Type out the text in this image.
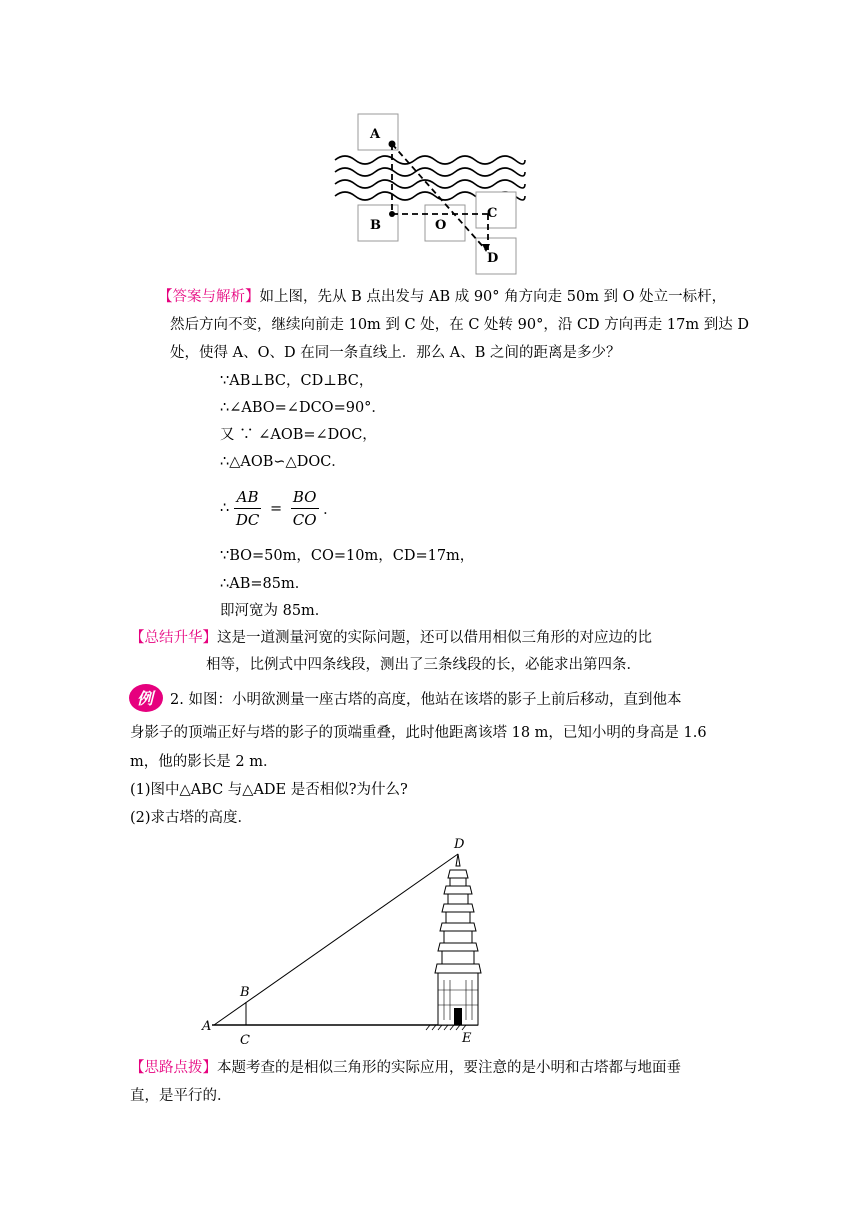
A
B	O
C
D
【答案与解析】如上图，先从 B 点出发与 AB 成 90° 角方向走 50m 到 O 处立一标杆，
然后方向不变，继续向前走 10m 到 C 处，在 C 处转 90°，沿 CD 方向再走 17m 到达 D
处，使得 A、O、D 在同一条直线上．那么 A、B 之间的距离是多少？
∵AB⊥BC，CD⊥BC，
∴∠ABO=∠DCO=90°．
又 ∵ ∠AOB=∠DOC，
∴△AOB∽△DOC．
∴ $\frac{AB}{DC} = \frac{BO}{CO}$ ．
∵BO=50m，CO=10m，CD=17m，
∴AB=85m．
即河宽为 85m．
【总结升华】这是一道测量河宽的实际问题，还可以借用相似三角形的对应边的比
相等，比例式中四条线段，测出了三条线段的长，必能求出第四条．
例 2. 如图：小明欲测量一座古塔的高度，他站在该塔的影子上前后移动，直到他本
身影子的顶端正好与塔的影子的顶端重叠，此时他距离该塔 18 m，已知小明的身高是 1.6
m，他的影长是 2 m．
(1)图中△ABC 与△ADE 是否相似?为什么?
(2)求古塔的高度．
D
B
A
C	E
【思路点拨】本题考查的是相似三角形的实际应用，要注意的是小明和古塔都与地面垂
直，是平行的．
